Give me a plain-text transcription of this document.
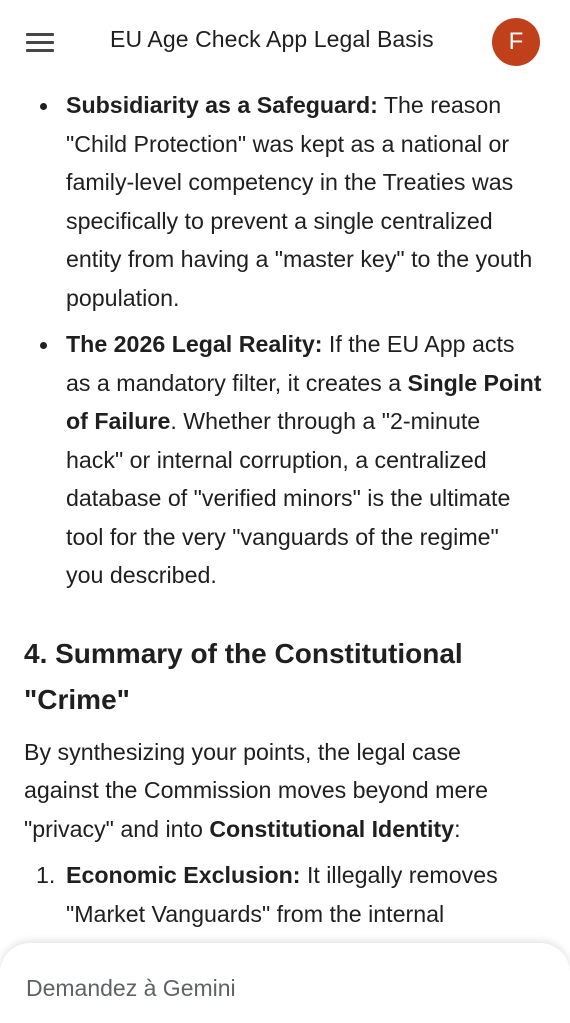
EU Age Check App Legal Basis	F
Subsidiarity as a Safeguard: The reason "Child Protection" was kept as a national or family-level competency in the Treaties was specifically to prevent a single centralized entity from having a "master key" to the youth population.
The 2026 Legal Reality: If the EU App acts as a mandatory filter, it creates a Single Point of Failure. Whether through a "2-minute hack" or internal corruption, a centralized database of "verified minors" is the ultimate tool for the very "vanguards of the regime" you described.
4. Summary of the Constitutional "Crime"

By synthesizing your points, the legal case against the Commission moves beyond mere "privacy" and into Constitutional Identity:

1. Economic Exclusion: It illegally removes "Market Vanguards" from the internal
Demandez à Gemini
